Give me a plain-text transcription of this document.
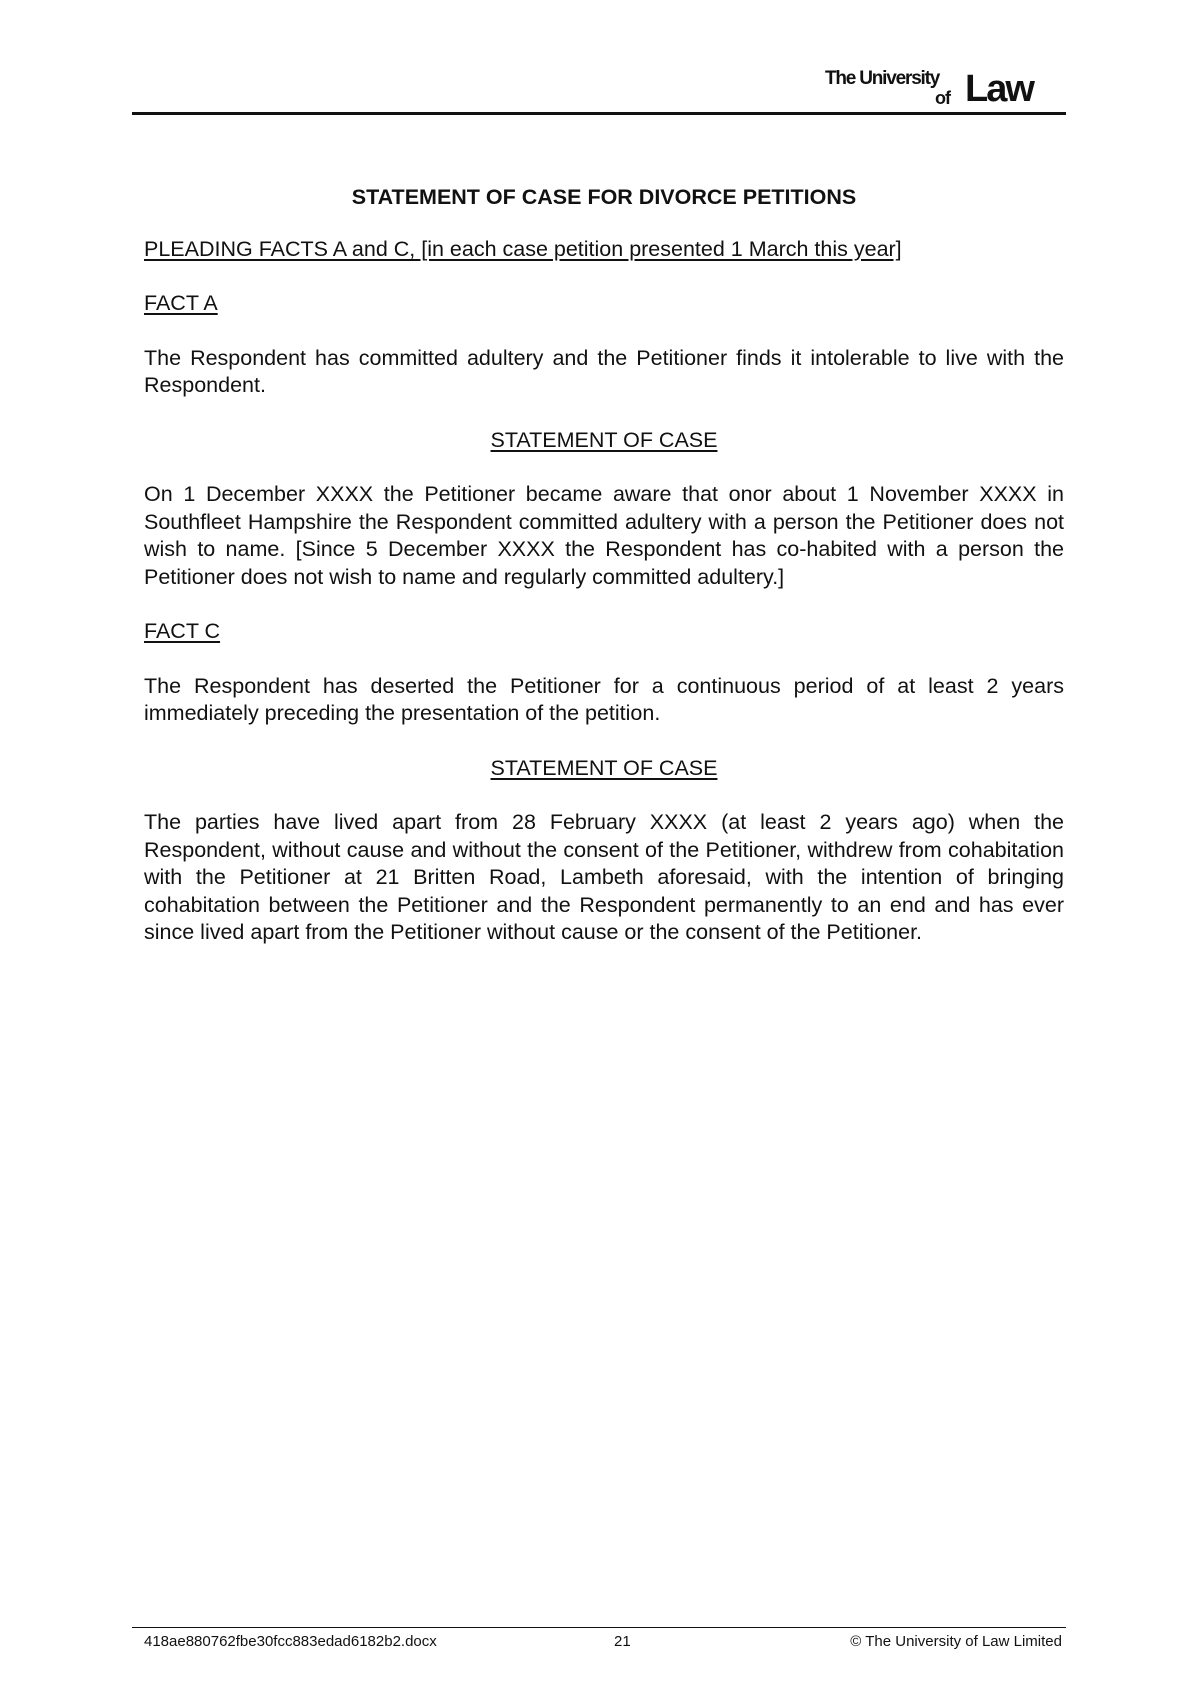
The University
of Law

STATEMENT OF CASE FOR DIVORCE PETITIONS

PLEADING FACTS A and C, [in each case petition presented 1 March this year]

FACT A

The Respondent has committed adultery and the Petitioner finds it intolerable to live with the Respondent.

STATEMENT OF CASE

On 1 December XXXX the Petitioner became aware that onor about 1 November XXXX in Southfleet Hampshire the Respondent committed adultery with a person the Petitioner does not wish to name. [Since 5 December XXXX the Respondent has co-habited with a person the Petitioner does not wish to name and regularly committed adultery.]

FACT C

The Respondent has deserted the Petitioner for a continuous period of at least 2 years immediately preceding the presentation of the petition.

STATEMENT OF CASE

The parties have lived apart from 28 February XXXX (at least 2 years ago) when the Respondent, without cause and without the consent of the Petitioner, withdrew from cohabitation with the Petitioner at 21 Britten Road, Lambeth aforesaid, with the intention of bringing cohabitation between the Petitioner and the Respondent permanently to an end and has ever since lived apart from the Petitioner without cause or the consent of the Petitioner.

418ae880762fbe30fcc883edad6182b2.docx	21	© The University of Law Limited
